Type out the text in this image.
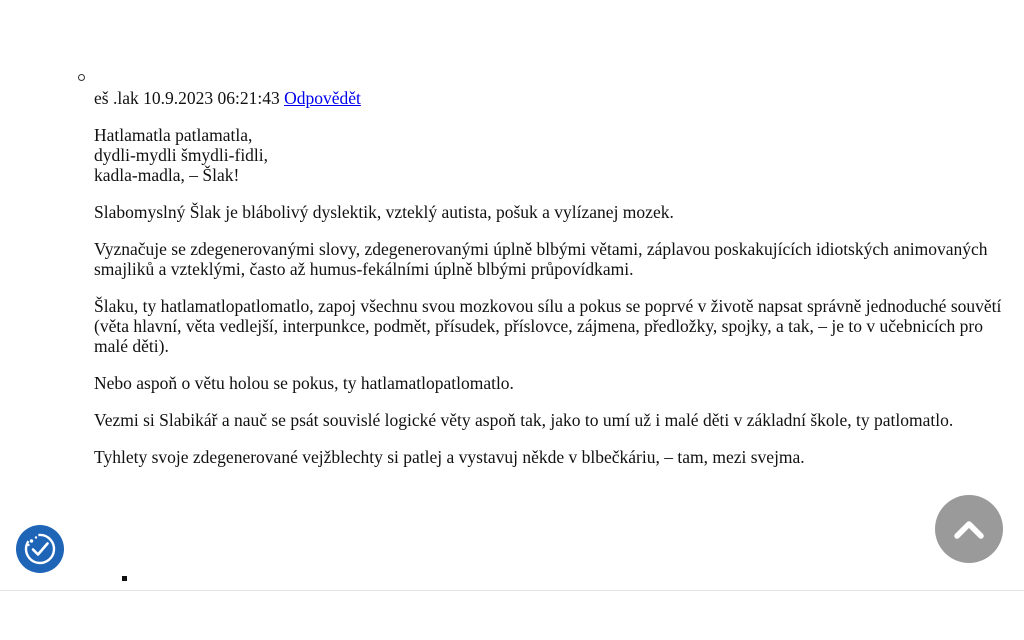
eš .lak 10.9.2023 06:21:43 Odpovědět

Hatlamatla patlamatla,

dydli-mydli šmydli-fidli,

kadla-madla, – Šlak!

Slabomyslný Šlak je blábolivý dyslektik, vzteklý autista, pošuk a vylízanej mozek.

Vyznačuje se zdegenerovanými slovy, zdegenerovanými úplně blbými větami, záplavou poskakujících idiotských animovaných smajliků a vzteklými, často až humus-fekálními úplně blbými průpovídkami.

Šlaku, ty hatlamatlopatlomatlo, zapoj všechnu svou mozkovou sílu a pokus se poprvé v životě napsat správně jednoduché souvětí (věta hlavní, věta vedlejší, interpunkce, podmět, přísudek, příslovce, zájmena, předložky, spojky, a tak, – je to v učebnicích pro malé děti).

Nebo aspoň o větu holou se pokus, ty hatlamatlopatlomatlo.

Vezmi si Slabikář a nauč se psát souvislé logické věty aspoň tak, jako to umí už i malé děti v základní škole, ty patlomatlo.

Tyhlety svoje zdegenerované vejžblechty si patlej a vystavuj někde v blbečkáriu, – tam, mezi svejma.
